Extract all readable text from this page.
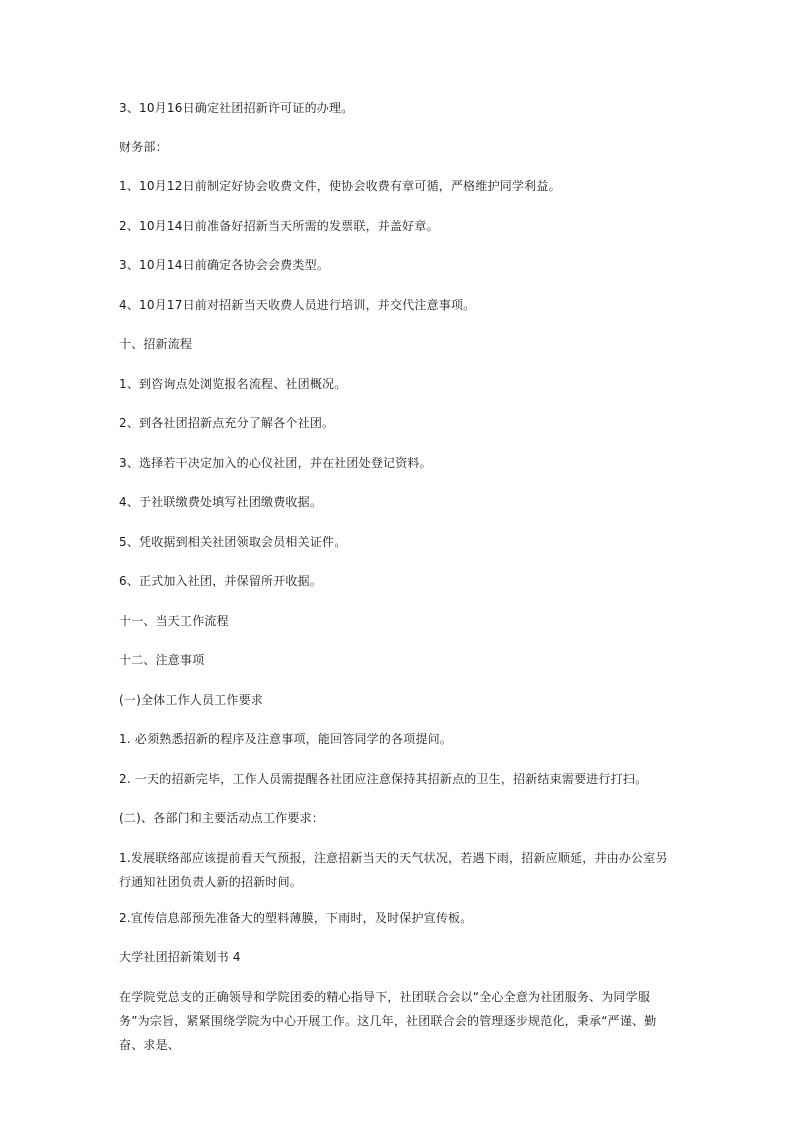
3、10月16日确定社团招新许可证的办理。
财务部：
1、10月12日前制定好协会收费文件，使协会收费有章可循，严格维护同学利益。
2、10月14日前准备好招新当天所需的发票联，并盖好章。
3、10月14日前确定各协会会费类型。
4、10月17日前对招新当天收费人员进行培训，并交代注意事项。
十、招新流程
1、到咨询点处浏览报名流程、社团概况。
2、到各社团招新点充分了解各个社团。
3、选择若干决定加入的心仪社团，并在社团处登记资料。
4、于社联缴费处填写社团缴费收据。
5、凭收据到相关社团领取会员相关证件。
6、正式加入社团，并保留所开收据。
十一、当天工作流程
十二、注意事项
(一)全体工作人员工作要求
1. 必须熟悉招新的程序及注意事项，能回答同学的各项提问。
2. 一天的招新完毕，工作人员需提醒各社团应注意保持其招新点的卫生，招新结束需要进行打扫。
(二)、各部门和主要活动点工作要求：
1.发展联络部应该提前看天气预报，注意招新当天的天气状况，若遇下雨，招新应顺延，并由办公室另行通知社团负责人新的招新时间。
2.宣传信息部预先准备大的塑料薄膜，下雨时，及时保护宣传板。
大学社团招新策划书 4
在学院党总支的正确领导和学院团委的精心指导下，社团联合会以“全心全意为社团服务、为同学服务”为宗旨，紧紧围绕学院为中心开展工作。这几年，社团联合会的管理逐步规范化，秉承“严谨、勤奋、求是、
